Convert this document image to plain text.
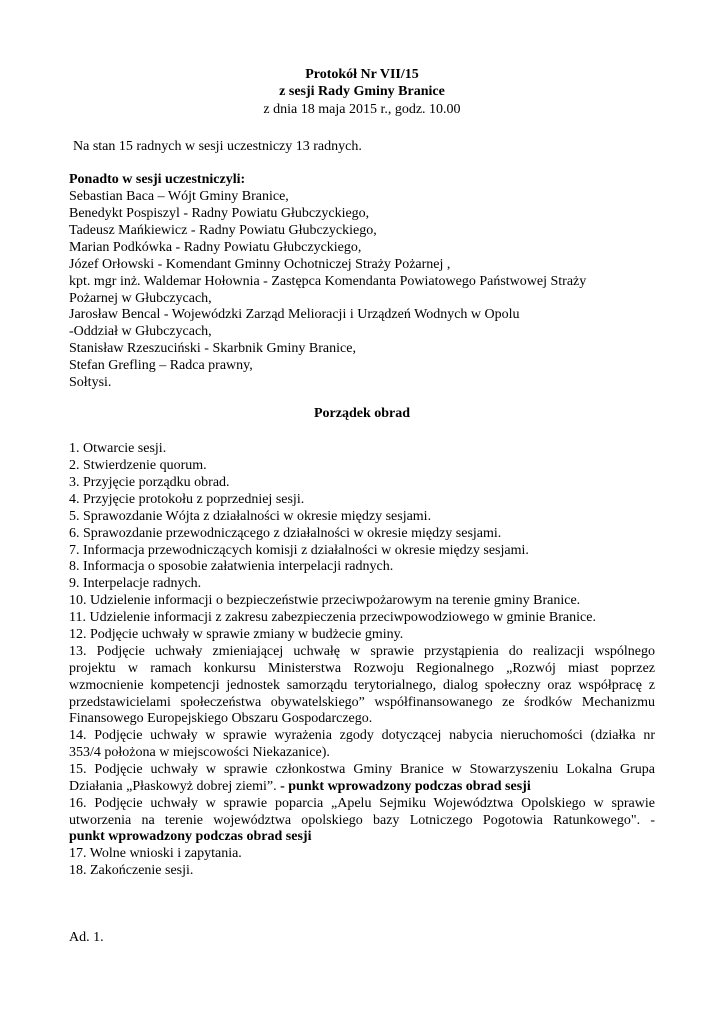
Protokół Nr VII/15

z sesji Rady Gminy Branice

z dnia 18 maja 2015 r., godz. 10.00

Na stan 15 radnych w sesji uczestniczy 13 radnych.

Ponadto w sesji uczestniczyli:

Sebastian Baca – Wójt Gminy Branice,

Benedykt Pospiszyl - Radny Powiatu Głubczyckiego,

Tadeusz Mańkiewicz - Radny Powiatu Głubczyckiego,

Marian Podkówka - Radny Powiatu Głubczyckiego,

Józef Orłowski - Komendant Gminny Ochotniczej Straży Pożarnej ,

kpt. mgr inż. Waldemar Hołownia - Zastępca Komendanta Powiatowego Państwowej Straży

Pożarnej w Głubczycach,

Jarosław Bencal - Wojewódzki Zarząd Melioracji i Urządzeń Wodnych w Opolu

-Oddział w Głubczycach,

Stanisław Rzeszuciński - Skarbnik Gminy Branice,

Stefan Grefling – Radca prawny,

Sołtysi.

Porządek obrad

1. Otwarcie sesji.

2. Stwierdzenie quorum.

3. Przyjęcie porządku obrad.

4. Przyjęcie protokołu z poprzedniej sesji.

5. Sprawozdanie Wójta z działalności w okresie między sesjami.

6. Sprawozdanie przewodniczącego z działalności w okresie między sesjami.

7. Informacja przewodniczących komisji z działalności w okresie między sesjami.

8. Informacja o sposobie załatwienia interpelacji radnych.

9. Interpelacje radnych.

10. Udzielenie informacji o bezpieczeństwie przeciwpożarowym na terenie gminy Branice.

11. Udzielenie informacji z zakresu zabezpieczenia przeciwpowodziowego w gminie Branice.

12. Podjęcie uchwały w sprawie zmiany w budżecie gminy.

13. Podjęcie uchwały zmieniającej uchwałę w sprawie przystąpienia do realizacji wspólnego

projektu w ramach konkursu Ministerstwa Rozwoju Regionalnego „Rozwój miast poprzez

wzmocnienie kompetencji jednostek samorządu terytorialnego, dialog społeczny oraz współpracę z

przedstawicielami społeczeństwa obywatelskiego” współfinansowanego ze środków Mechanizmu

Finansowego Europejskiego Obszaru Gospodarczego.

14. Podjęcie uchwały w sprawie wyrażenia zgody dotyczącej nabycia nieruchomości (działka nr

353/4 położona w miejscowości Niekazanice).

15. Podjęcie uchwały w sprawie członkostwa Gminy Branice w Stowarzyszeniu Lokalna Grupa

Działania „Płaskowyż dobrej ziemi”. - punkt wprowadzony podczas obrad sesji

16. Podjęcie uchwały w sprawie poparcia „Apelu Sejmiku Województwa Opolskiego w sprawie

utworzenia na terenie województwa opolskiego bazy Lotniczego Pogotowia Ratunkowego". -

punkt wprowadzony podczas obrad sesji

17. Wolne wnioski i zapytania.

18. Zakończenie sesji.

Ad. 1.
